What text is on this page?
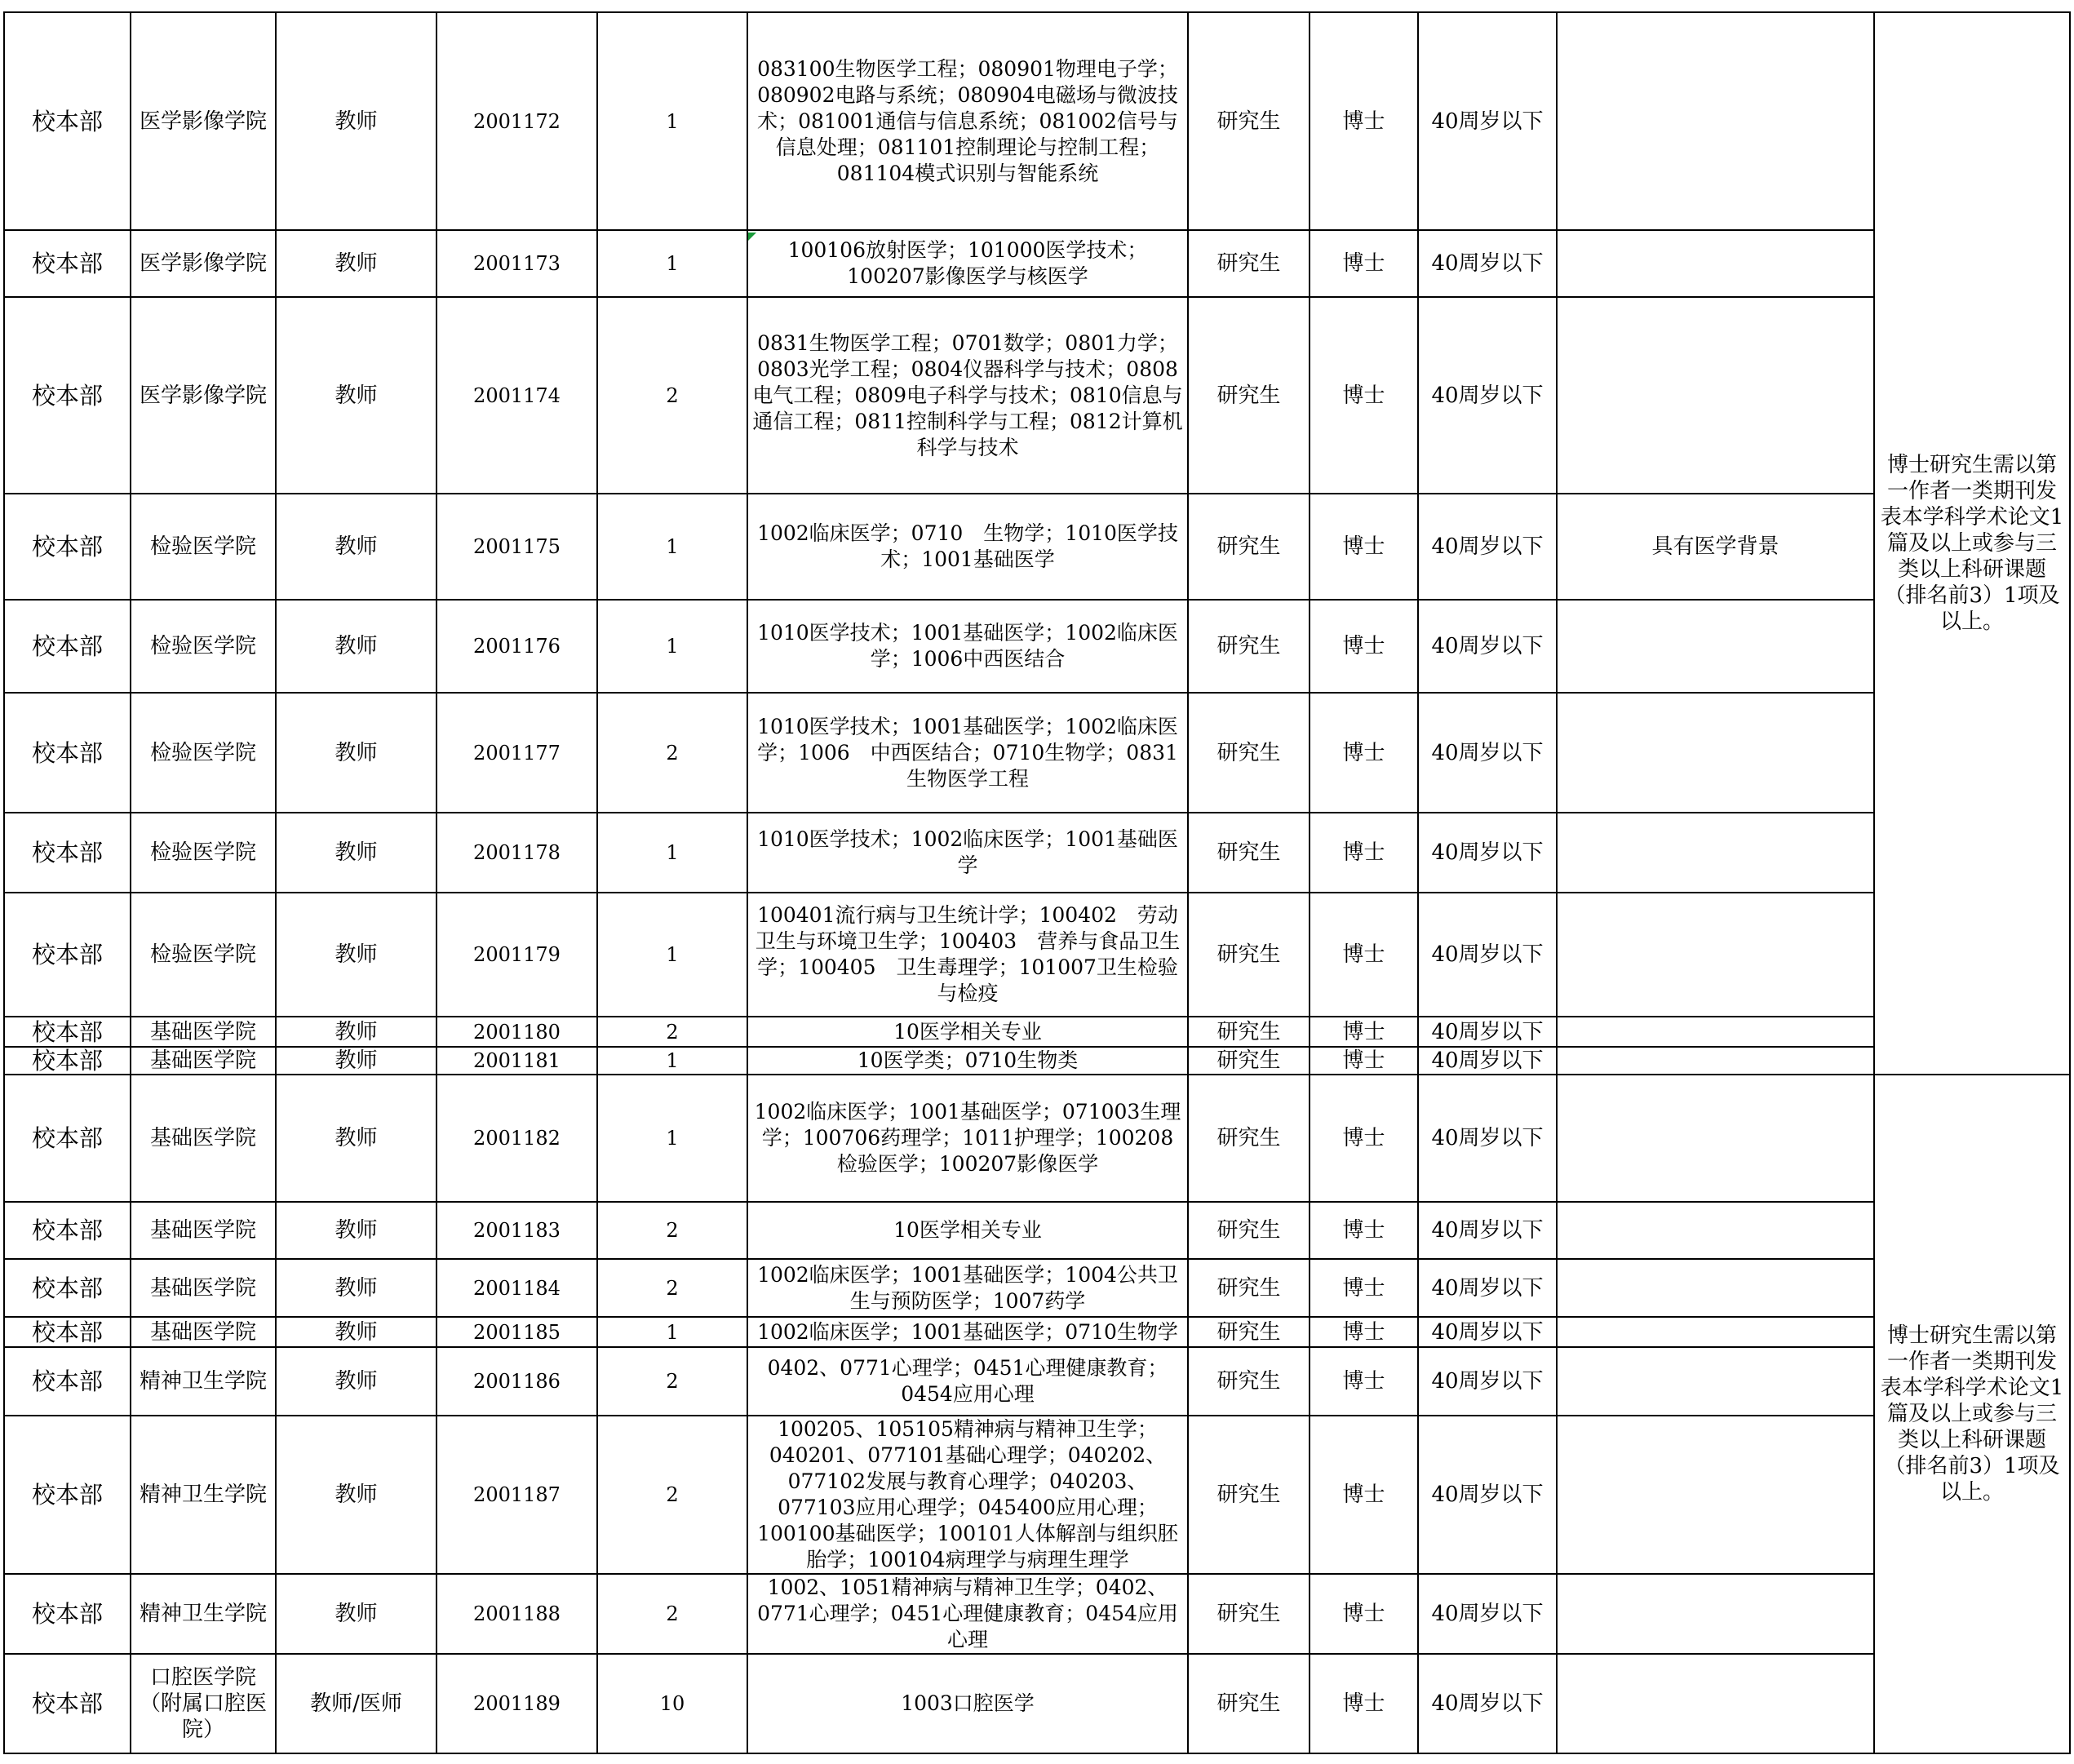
校本部	医学影像学院	教师	2001172	1	083100生物医学工程；080901物理电子学；080902电路与系统；080904电磁场与微波技术；081001通信与信息系统；081002信号与信息处理；081101控制理论与控制工程；081104模式识别与智能系统	研究生	博士	40周岁以下		博士研究生需以第一作者一类期刊发表本学科学术论文1篇及以上或参与三类以上科研课题（排名前3）1项及以上。
校本部	医学影像学院	教师	2001173	1	100106放射医学；101000医学技术；100207影像医学与核医学	研究生	博士	40周岁以下		
校本部	医学影像学院	教师	2001174	2	0831生物医学工程；0701数学；0801力学；0803光学工程；0804仪器科学与技术；0808电气工程；0809电子科学与技术；0810信息与通信工程；0811控制科学与工程；0812计算机科学与技术	研究生	博士	40周岁以下		
校本部	检验医学院	教师	2001175	1	1002临床医学；0710　生物学；1010医学技术；1001基础医学	研究生	博士	40周岁以下	具有医学背景	
校本部	检验医学院	教师	2001176	1	1010医学技术；1001基础医学；1002临床医学；1006中西医结合	研究生	博士	40周岁以下		
校本部	检验医学院	教师	2001177	2	1010医学技术；1001基础医学；1002临床医学；1006　中西医结合；0710生物学；0831生物医学工程	研究生	博士	40周岁以下		
校本部	检验医学院	教师	2001178	1	1010医学技术；1002临床医学；1001基础医学	研究生	博士	40周岁以下		
校本部	检验医学院	教师	2001179	1	100401流行病与卫生统计学；100402　劳动卫生与环境卫生学；100403　营养与食品卫生学；100405　卫生毒理学；101007卫生检验与检疫	研究生	博士	40周岁以下		
校本部	基础医学院	教师	2001180	2	10医学相关专业	研究生	博士	40周岁以下		
校本部	基础医学院	教师	2001181	1	10医学类；0710生物类	研究生	博士	40周岁以下		
校本部	基础医学院	教师	2001182	1	1002临床医学；1001基础医学；071003生理学；100706药理学；1011护理学；100208检验医学；100207影像医学	研究生	博士	40周岁以下		博士研究生需以第一作者一类期刊发表本学科学术论文1篇及以上或参与三类以上科研课题（排名前3）1项及以上。
校本部	基础医学院	教师	2001183	2	10医学相关专业	研究生	博士	40周岁以下		
校本部	基础医学院	教师	2001184	2	1002临床医学；1001基础医学；1004公共卫生与预防医学；1007药学	研究生	博士	40周岁以下		
校本部	基础医学院	教师	2001185	1	1002临床医学；1001基础医学；0710生物学	研究生	博士	40周岁以下		
校本部	精神卫生学院	教师	2001186	2	0402、0771心理学；0451心理健康教育；0454应用心理	研究生	博士	40周岁以下		
校本部	精神卫生学院	教师	2001187	2	100205、105105精神病与精神卫生学；040201、077101基础心理学；040202、077102发展与教育心理学；040203、077103应用心理学；045400应用心理；100100基础医学；100101人体解剖与组织胚胎学；100104病理学与病理生理学	研究生	博士	40周岁以下		
校本部	精神卫生学院	教师	2001188	2	1002、1051精神病与精神卫生学；0402、0771心理学；0451心理健康教育；0454应用心理	研究生	博士	40周岁以下		
校本部	口腔医学院（附属口腔医院）	教师/医师	2001189	10	1003口腔医学	研究生	博士	40周岁以下		
